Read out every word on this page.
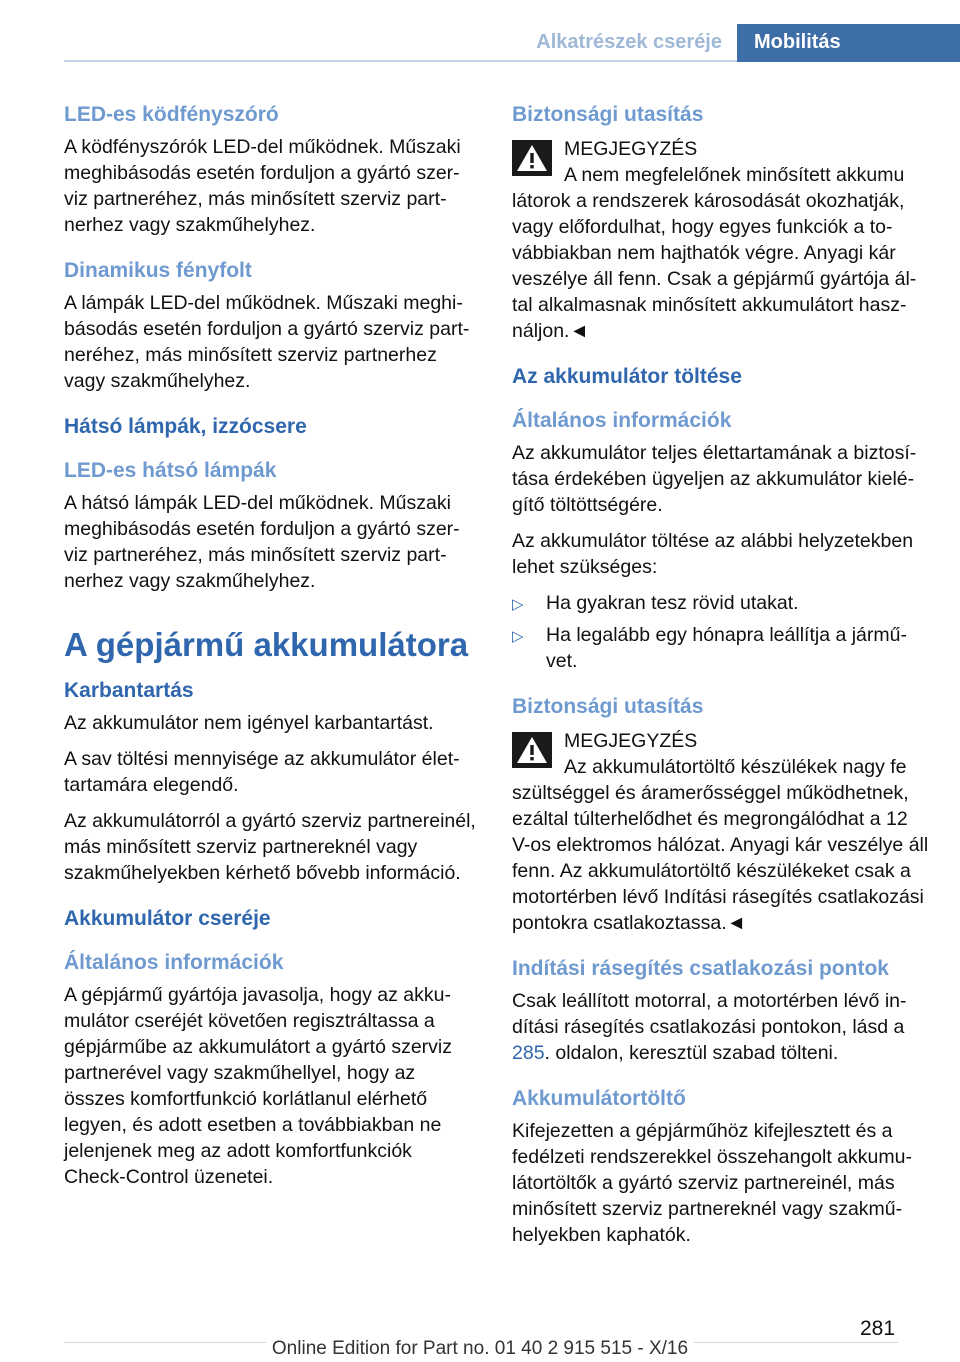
Alkatrészek cseréje	Mobilitás
LED-es ködfényszóró

A ködfényszórók LED-del működnek. Műszaki meghibásodás esetén forduljon a gyártó szerviz partneréhez, más minősített szerviz partnerhez vagy szakműhelyhez.

Dinamikus fényfolt

A lámpák LED-del működnek. Műszaki meghibásodás esetén forduljon a gyártó szerviz partneréhez, más minősített szerviz partnerhez vagy szakműhelyhez.

Hátsó lámpák, izzócsere
LED-es hátsó lámpák

A hátsó lámpák LED-del működnek. Műszaki meghibásodás esetén forduljon a gyártó szerviz partneréhez, más minősített szerviz partnerhez vagy szakműhelyhez.

A gépjármű akkumulátora
Karbantartás

Az akkumulátor nem igényel karbantartást.

A sav töltési mennyisége az akkumulátor élettartamára elegendő.

Az akkumulátorról a gyártó szerviz partnereinél, más minősített szerviz partnereknél vagy szakműhelyekben kérhető bővebb információ.

Akkumulátor cseréje
Általános információk

A gépjármű gyártója javasolja, hogy az akkumulátor cseréjét követően regisztráltassa a gépjárműbe az akkumulátort a gyártó szerviz partnerével vagy szakműhellyel, hogy az összes komfortfunkció korlátlanul elérhető legyen, és adott esetben a továbbiakban ne jelenjenek meg az adott komfortfunkciók Check-Control üzenetei.

Biztonsági utasítás

MEGJEGYZÉS

A nem megfelelőnek minősített akkumu

látorok a rendszerek károsodását okozhatják, vagy előfordulhat, hogy egyes funkciók a továbbiakban nem hajthatók végre. Anyagi kár veszélye áll fenn. Csak a gépjármű gyártója által alkalmasnak minősített akkumulátort használjon.◄

Az akkumulátor töltése
Általános információk

Az akkumulátor teljes élettartamának a biztosítása érdekében ügyeljen az akkumulátor kielégítő töltöttségére.

Az akkumulátor töltése az alábbi helyzetekben lehet szükséges:

▷ Ha gyakran tesz rövid utakat.
▷ Ha legalább egy hónapra leállítja a járművet.
Biztonsági utasítás

MEGJEGYZÉS

Az akkumulátortöltő készülékek nagy fe

szültséggel és áramerősséggel működhetnek, ezáltal túlterhelődhet és megrongálódhat a 12 V-os elektromos hálózat. Anyagi kár veszélye áll fenn. Az akkumulátortöltő készülékeket csak a motortérben lévő Indítási rásegítés csatlakozási pontokra csatlakoztassa.◄

Indítási rásegítés csatlakozási pontok

Csak leállított motorral, a motortérben lévő indítási rásegítés csatlakozási pontokon, lásd a 285. oldalon, keresztül szabad tölteni.

Akkumulátortöltő

Kifejezetten a gépjárműhöz kifejlesztett és a fedélzeti rendszerekkel összehangolt akkumulátortöltők a gyártó szerviz partnereinél, más minősített szerviz partnereknél vagy szakműhelyekben kaphatók.

281
Online Edition for Part no. 01 40 2 915 515 - X/16
